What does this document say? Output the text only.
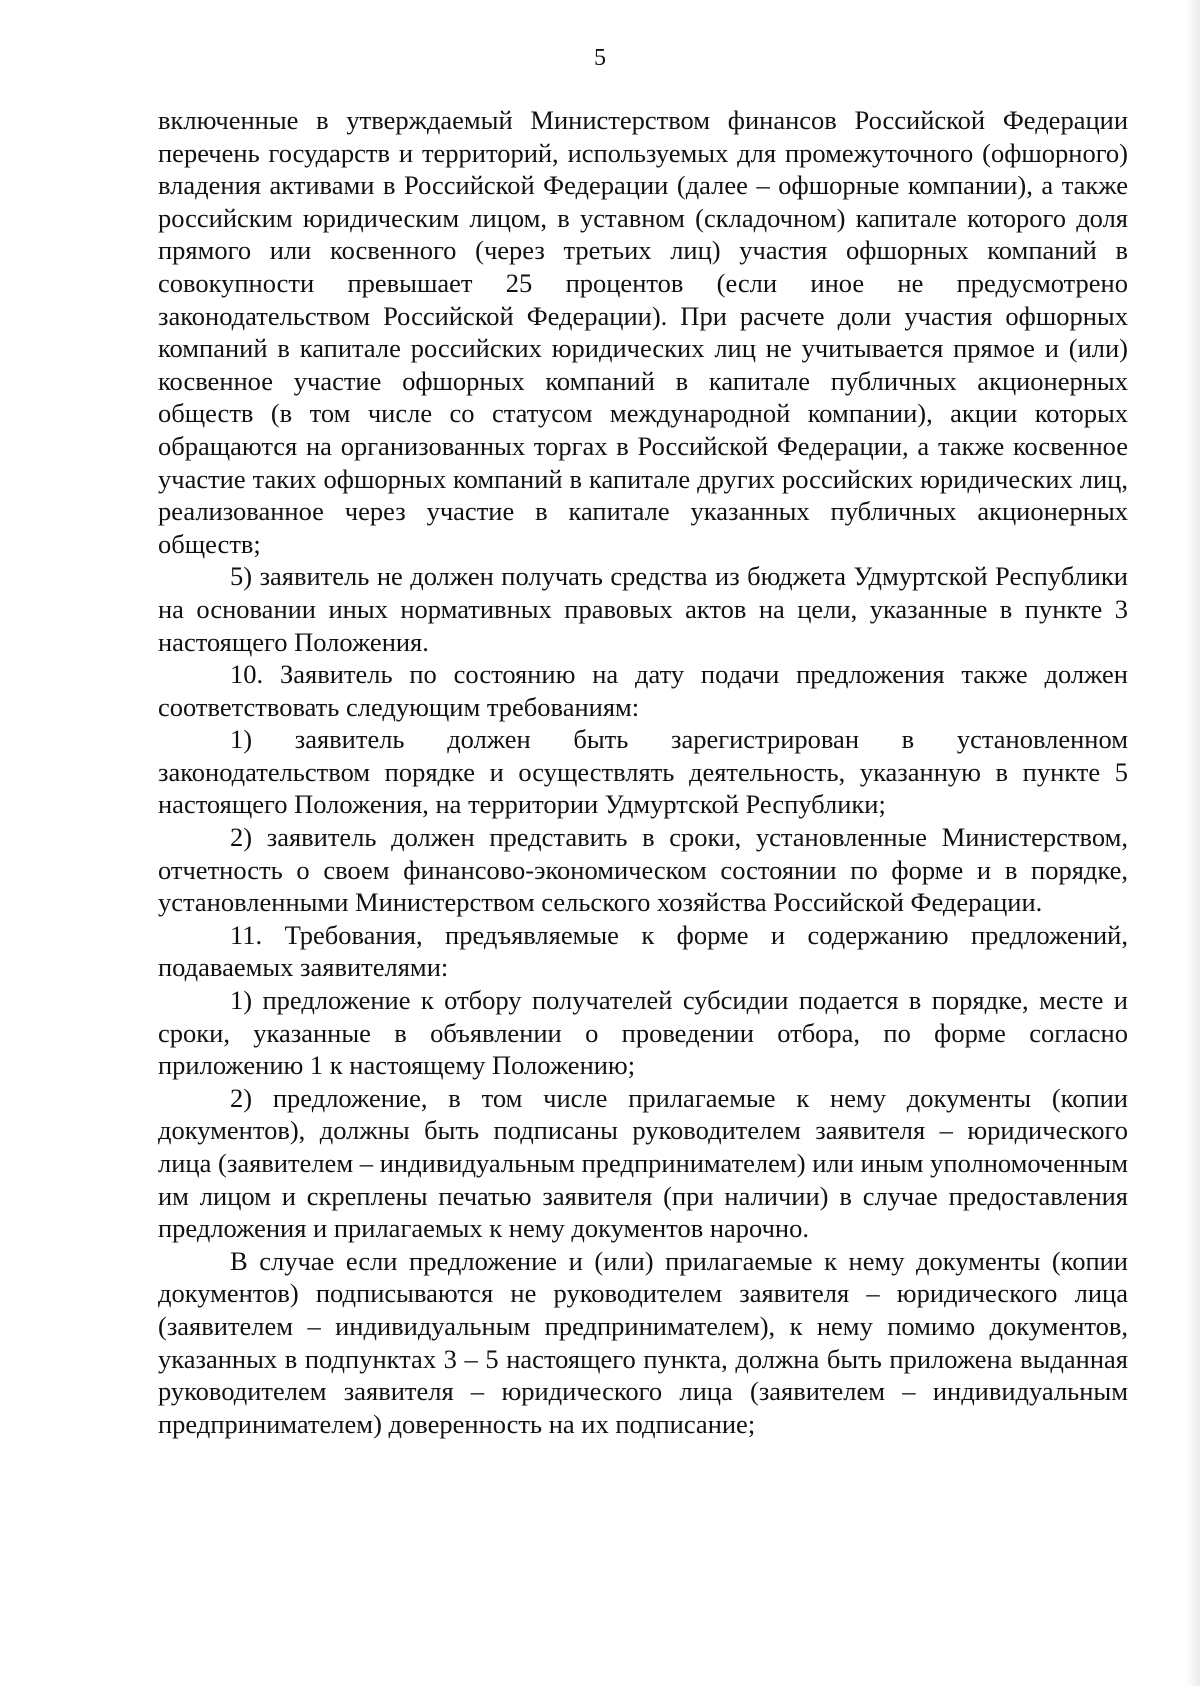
5

включенные в утверждаемый Министерством финансов Российской Федерации перечень государств и территорий, используемых для промежуточного (офшорного) владения активами в Российской Федерации (далее – офшорные компании), а также российским юридическим лицом, в уставном (складочном) капитале которого доля прямого или косвенного (через третьих лиц) участия офшорных компаний в совокупности превышает 25 процентов (если иное не предусмотрено законодательством Российской Федерации). При расчете доли участия офшорных компаний в капитале российских юридических лиц не учитывается прямое и (или) косвенное участие офшорных компаний в капитале публичных акционерных обществ (в том числе со статусом международной компании), акции которых обращаются на организованных торгах в Российской Федерации, а также косвенное участие таких офшорных компаний в капитале других российских юридических лиц, реализованное через участие в капитале указанных публичных акционерных обществ;

5) заявитель не должен получать средства из бюджета Удмуртской Республики на основании иных нормативных правовых актов на цели, указанные в пункте 3 настоящего Положения.

10. Заявитель по состоянию на дату подачи предложения также должен соответствовать следующим требованиям:

1) заявитель должен быть зарегистрирован в установленном законодательством порядке и осуществлять деятельность, указанную в пункте 5 настоящего Положения, на территории Удмуртской Республики;

2) заявитель должен представить в сроки, установленные Министерством, отчетность о своем финансово-экономическом состоянии по форме и в порядке, установленными Министерством сельского хозяйства Российской Федерации.

11. Требования, предъявляемые к форме и содержанию предложений, подаваемых заявителями:

1) предложение к отбору получателей субсидии подается в порядке, месте и сроки, указанные в объявлении о проведении отбора, по форме согласно приложению 1 к настоящему Положению;

2) предложение, в том числе прилагаемые к нему документы (копии документов), должны быть подписаны руководителем заявителя – юридического лица (заявителем – индивидуальным предпринимателем) или иным уполномоченным им лицом и скреплены печатью заявителя (при наличии) в случае предоставления предложения и прилагаемых к нему документов нарочно.

В случае если предложение и (или) прилагаемые к нему документы (копии документов) подписываются не руководителем заявителя – юридического лица (заявителем – индивидуальным предпринимателем), к нему помимо документов, указанных в подпунктах 3 – 5 настоящего пункта, должна быть приложена выданная руководителем заявителя – юридического лица (заявителем – индивидуальным предпринимателем) доверенность на их подписание;
